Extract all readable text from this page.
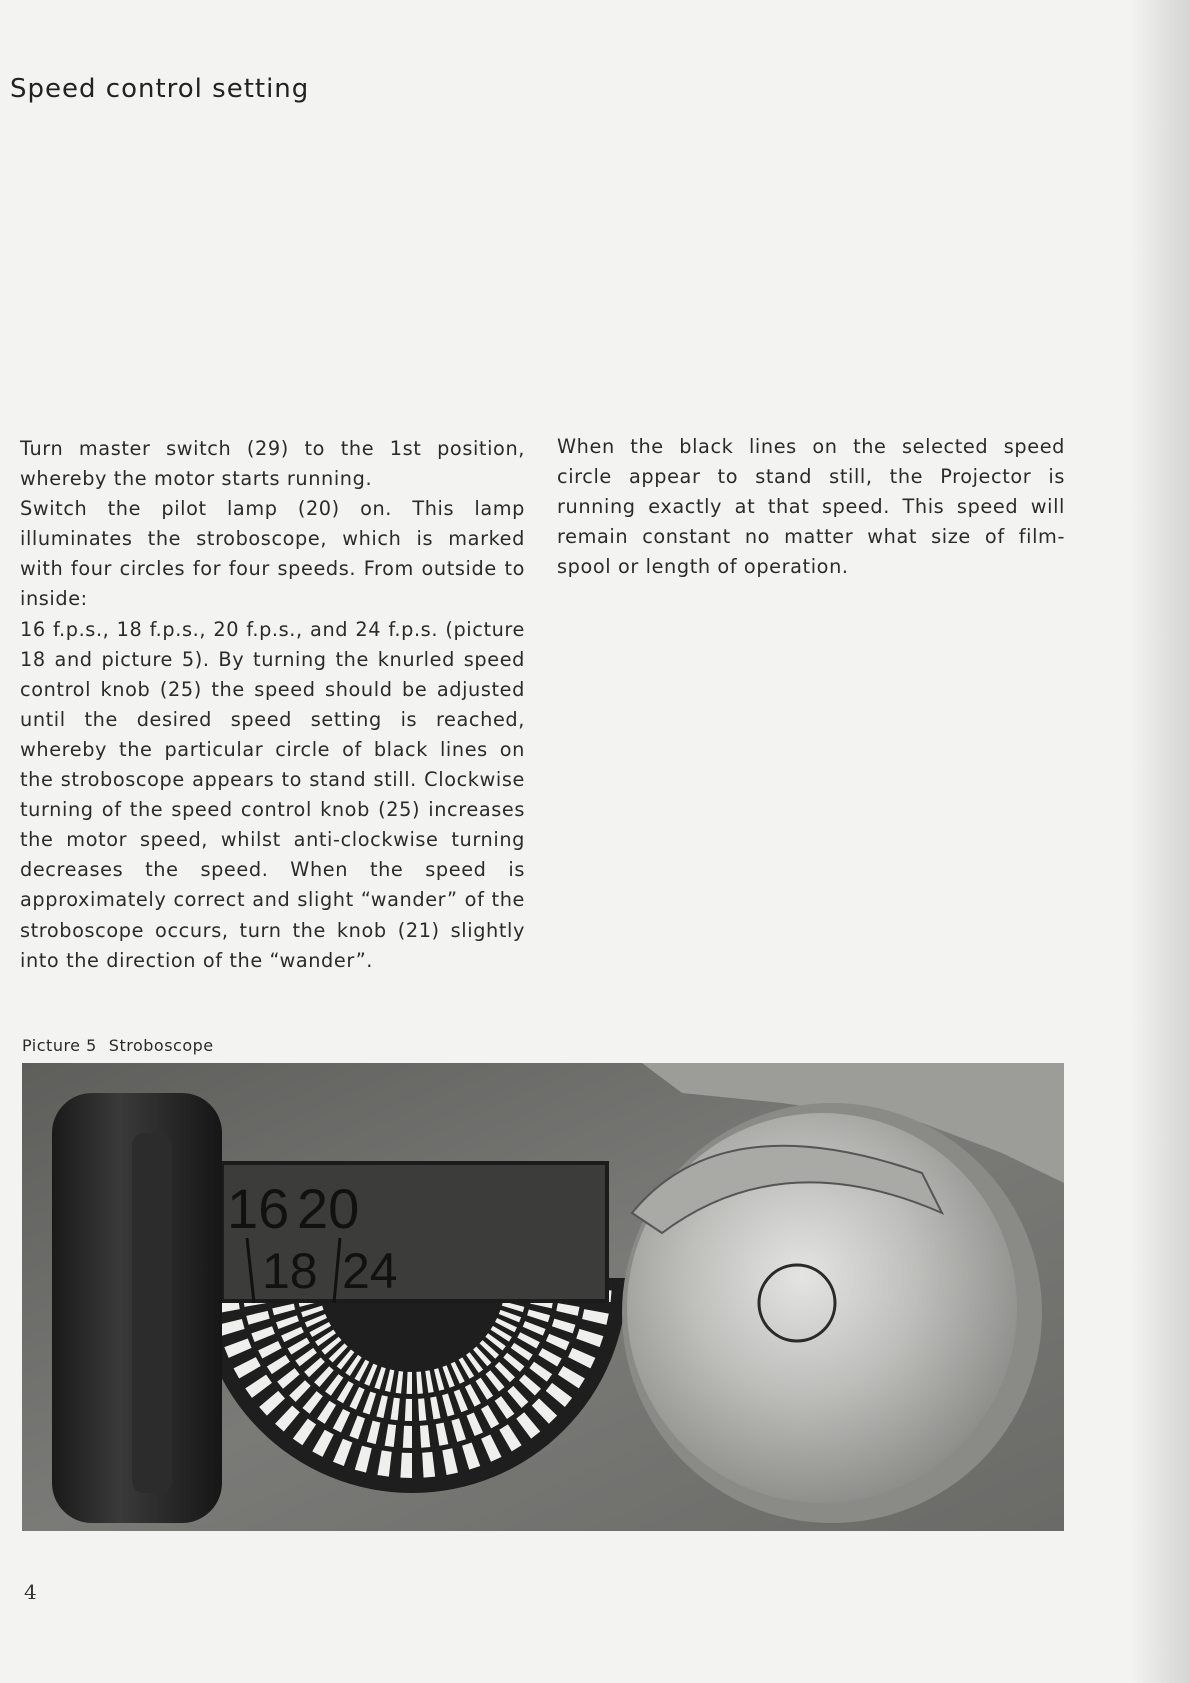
Speed control setting

Turn master switch (29) to the 1st position, whereby the motor starts running.

Switch the pilot lamp (20) on. This lamp illuminates the stroboscope, which is marked with four circles for four speeds. From outside to inside:

16 f.p.s., 18 f.p.s., 20 f.p.s., and 24 f.p.s. (picture 18 and picture 5). By turning the knurled speed control knob (25) the speed should be adjusted until the desired speed setting is reached, whereby the particular circle of black lines on the stroboscope appears to stand still. Clockwise turning of the speed control knob (25) increases the motor speed, whilst anti-clockwise turning decreases the speed. When the speed is approximately correct and slight “wander” of the stroboscope occurs, turn the knob (21) slightly into the direction of the “wander”.

When the black lines on the selected speed circle appear to stand still, the Projector is running exactly at that speed. This speed will remain constant no matter what size of film-spool or length of operation.

Picture 5 Stroboscope
16 20
18 24
4
